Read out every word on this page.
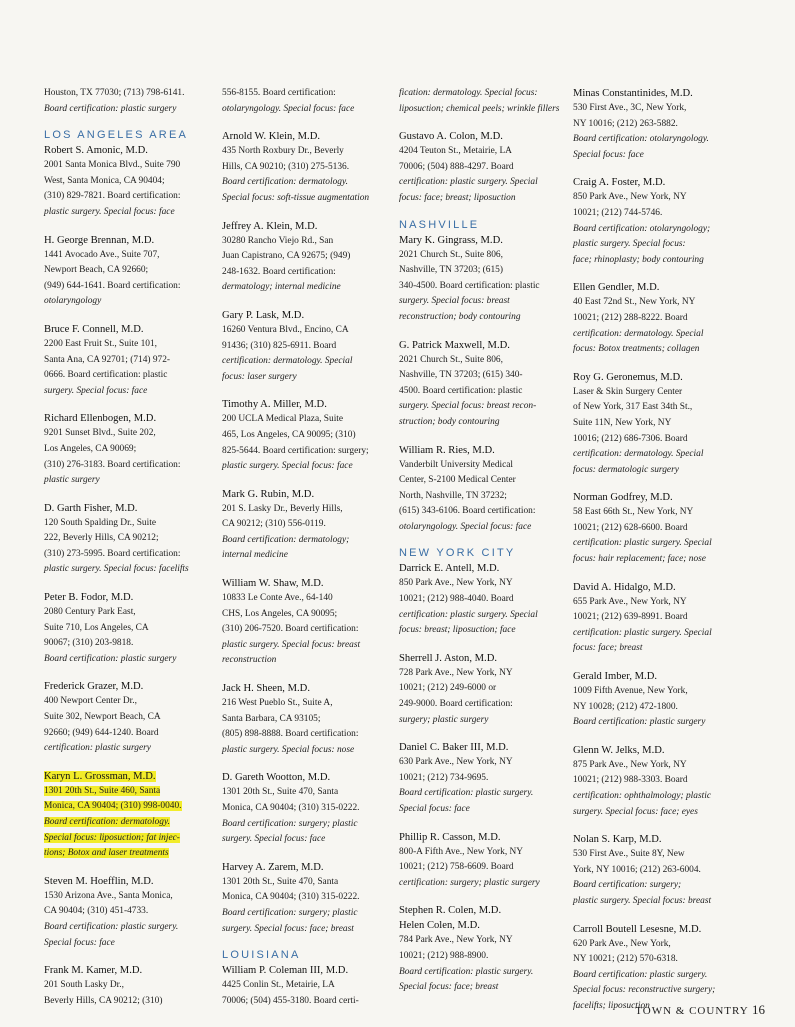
Houston, TX 77030; (713) 798-6141.
Board certification: plastic surgery
LOS ANGELES AREA
Robert S. Amonic, M.D.
2001 Santa Monica Blvd., Suite 790
West, Santa Monica, CA 90404;
(310) 829-7821. Board certification:
plastic surgery. Special focus: face
H. George Brennan, M.D.
1441 Avocado Ave., Suite 707,
Newport Beach, CA 92660;
(949) 644-1641. Board certification:
otolaryngology
Bruce F. Connell, M.D.
2200 East Fruit St., Suite 101,
Santa Ana, CA 92701; (714) 972-
0666. Board certification: plastic
surgery. Special focus: face
Richard Ellenbogen, M.D.
9201 Sunset Blvd., Suite 202,
Los Angeles, CA 90069;
(310) 276-3183. Board certification:
plastic surgery
D. Garth Fisher, M.D.
120 South Spalding Dr., Suite
222, Beverly Hills, CA 90212;
(310) 273-5995. Board certification:
plastic surgery. Special focus: facelifts
Peter B. Fodor, M.D.
2080 Century Park East,
Suite 710, Los Angeles, CA
90067; (310) 203-9818.
Board certification: plastic surgery
Frederick Grazer, M.D.
400 Newport Center Dr.,
Suite 302, Newport Beach, CA
92660; (949) 644-1240. Board
certification: plastic surgery
Karyn L. Grossman, M.D.
1301 20th St., Suite 460, Santa
Monica, CA 90404; (310) 998-0040.
Board certification: dermatology.
Special focus: liposuction; fat injec-
tions; Botox and laser treatments
Steven M. Hoefflin, M.D.
1530 Arizona Ave., Santa Monica,
CA 90404; (310) 451-4733.
Board certification: plastic surgery.
Special focus: face
Frank M. Kamer, M.D.
201 South Lasky Dr.,
Beverly Hills, CA 90212; (310)
556-8155. Board certification:
otolaryngology. Special focus: face
Arnold W. Klein, M.D.
435 North Roxbury Dr., Beverly
Hills, CA 90210; (310) 275-5136.
Board certification: dermatology.
Special focus: soft-tissue augmentation
Jeffrey A. Klein, M.D.
30280 Rancho Viejo Rd., San
Juan Capistrano, CA 92675; (949)
248-1632. Board certification:
dermatology; internal medicine
Gary P. Lask, M.D.
16260 Ventura Blvd., Encino, CA
91436; (310) 825-6911. Board
certification: dermatology. Special
focus: laser surgery
Timothy A. Miller, M.D.
200 UCLA Medical Plaza, Suite
465, Los Angeles, CA 90095; (310)
825-5644. Board certification: surgery;
plastic surgery. Special focus: face
Mark G. Rubin, M.D.
201 S. Lasky Dr., Beverly Hills,
CA 90212; (310) 556-0119.
Board certification: dermatology;
internal medicine
William W. Shaw, M.D.
10833 Le Conte Ave., 64-140
CHS, Los Angeles, CA 90095;
(310) 206-7520. Board certification:
plastic surgery. Special focus: breast
reconstruction
Jack H. Sheen, M.D.
216 West Pueblo St., Suite A,
Santa Barbara, CA 93105;
(805) 898-8888. Board certification:
plastic surgery. Special focus: nose
D. Gareth Wootton, M.D.
1301 20th St., Suite 470, Santa
Monica, CA 90404; (310) 315-0222.
Board certification: surgery; plastic
surgery. Special focus: face
Harvey A. Zarem, M.D.
1301 20th St., Suite 470, Santa
Monica, CA 90404; (310) 315-0222.
Board certification: surgery; plastic
surgery. Special focus: face; breast
LOUISIANA
William P. Coleman III, M.D.
4425 Conlin St., Metairie, LA
70006; (504) 455-3180. Board certi-
fication: dermatology. Special focus:
liposuction; chemical peels; wrinkle fillers
Gustavo A. Colon, M.D.
4204 Teuton St., Metairie, LA
70006; (504) 888-4297. Board
certification: plastic surgery. Special
focus: face; breast; liposuction
NASHVILLE
Mary K. Gingrass, M.D.
2021 Church St., Suite 806,
Nashville, TN 37203; (615)
340-4500. Board certification: plastic
surgery. Special focus: breast
reconstruction; body contouring
G. Patrick Maxwell, M.D.
2021 Church St., Suite 806,
Nashville, TN 37203; (615) 340-
4500. Board certification: plastic
surgery. Special focus: breast recon-
struction; body contouring
William R. Ries, M.D.
Vanderbilt University Medical
Center, S-2100 Medical Center
North, Nashville, TN 37232;
(615) 343-6106. Board certification:
otolaryngology. Special focus: face
NEW YORK CITY
Darrick E. Antell, M.D.
850 Park Ave., New York, NY
10021; (212) 988-4040. Board
certification: plastic surgery. Special
focus: breast; liposuction; face
Sherrell J. Aston, M.D.
728 Park Ave., New York, NY
10021; (212) 249-6000 or
249-9000. Board certification:
surgery; plastic surgery
Daniel C. Baker III, M.D.
630 Park Ave., New York, NY
10021; (212) 734-9695.
Board certification: plastic surgery.
Special focus: face
Phillip R. Casson, M.D.
800-A Fifth Ave., New York, NY
10021; (212) 758-6609. Board
certification: surgery; plastic surgery
Stephen R. Colen, M.D.
Helen Colen, M.D.
784 Park Ave., New York, NY
10021; (212) 988-8900.
Board certification: plastic surgery.
Special focus: face; breast
Minas Constantinides, M.D.
530 First Ave., 3C, New York,
NY 10016; (212) 263-5882.
Board certification: otolaryngology.
Special focus: face
Craig A. Foster, M.D.
850 Park Ave., New York, NY
10021; (212) 744-5746.
Board certification: otolaryngology;
plastic surgery. Special focus:
face; rhinoplasty; body contouring
Ellen Gendler, M.D.
40 East 72nd St., New York, NY
10021; (212) 288-8222. Board
certification: dermatology. Special
focus: Botox treatments; collagen
Roy G. Geronemus, M.D.
Laser & Skin Surgery Center
of New York, 317 East 34th St.,
Suite 11N, New York, NY
10016; (212) 686-7306. Board
certification: dermatology. Special
focus: dermatologic surgery
Norman Godfrey, M.D.
58 East 66th St., New York, NY
10021; (212) 628-6600. Board
certification: plastic surgery. Special
focus: hair replacement; face; nose
David A. Hidalgo, M.D.
655 Park Ave., New York, NY
10021; (212) 639-8991. Board
certification: plastic surgery. Special
focus: face; breast
Gerald Imber, M.D.
1009 Fifth Avenue, New York,
NY 10028; (212) 472-1800.
Board certification: plastic surgery
Glenn W. Jelks, M.D.
875 Park Ave., New York, NY
10021; (212) 988-3303. Board
certification: ophthalmology; plastic
surgery. Special focus: face; eyes
Nolan S. Karp, M.D.
530 First Ave., Suite 8Y, New
York, NY 10016; (212) 263-6004.
Board certification: surgery;
plastic surgery. Special focus: breast
Carroll Boutell Lesesne, M.D.
620 Park Ave., New York,
NY 10021; (212) 570-6318.
Board certification: plastic surgery.
Special focus: reconstructive surgery;
facelifts; liposuction
TOWN & COUNTRY 16
